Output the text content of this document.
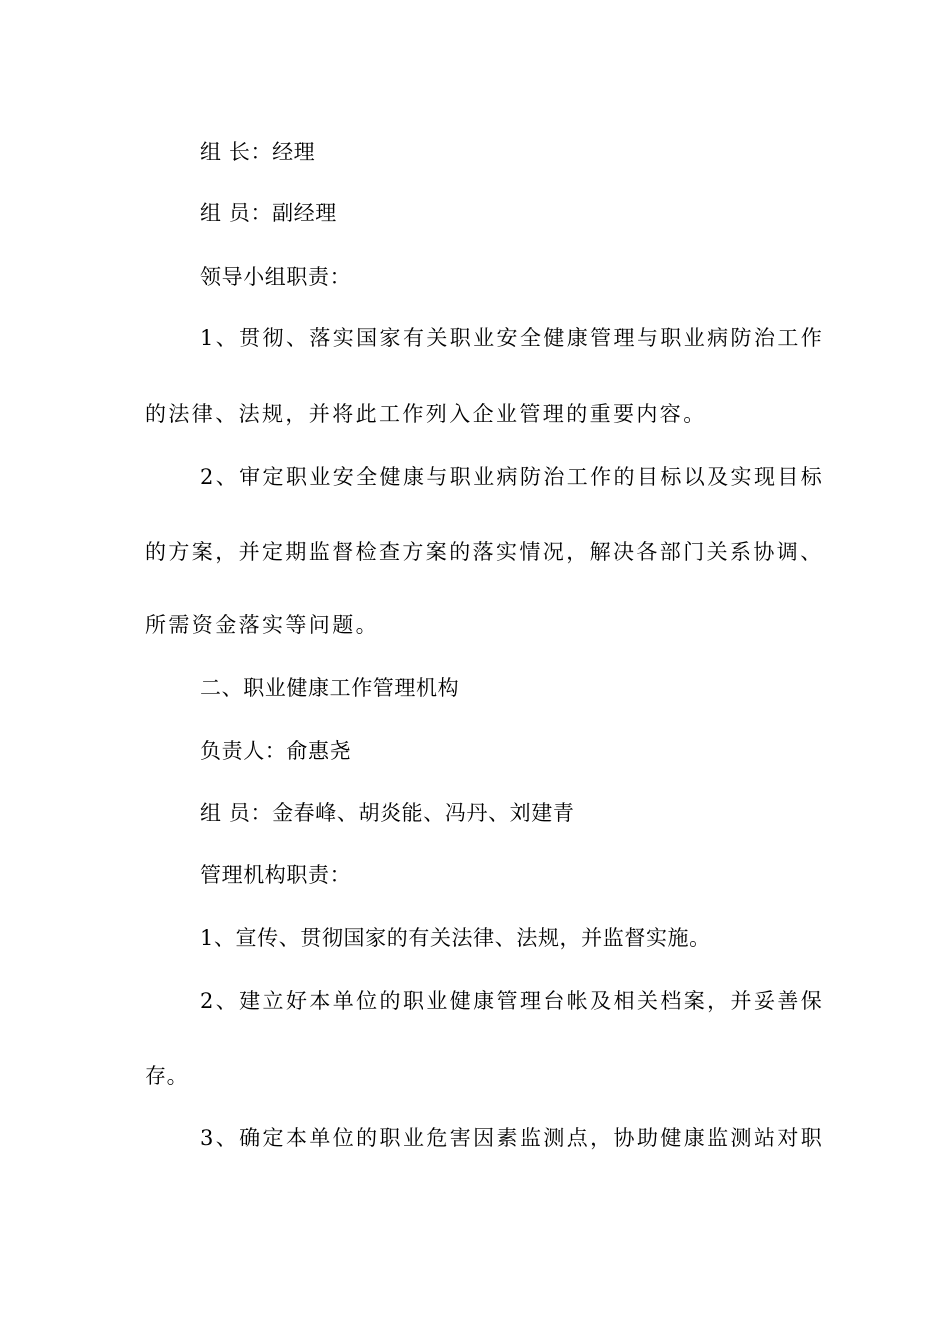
组 长：经理
组 员：副经理
领导小组职责：
1、贯彻、落实国家有关职业安全健康管理与职业病防治工作
的法律、法规，并将此工作列入企业管理的重要内容。
2、审定职业安全健康与职业病防治工作的目标以及实现目标
的方案，并定期监督检查方案的落实情况，解决各部门关系协调、
所需资金落实等问题。
二、职业健康工作管理机构
负责人：俞惠尧
组 员：金春峰、胡炎能、冯丹、刘建青
管理机构职责：
1、宣传、贯彻国家的有关法律、法规，并监督实施。
2、建立好本单位的职业健康管理台帐及相关档案，并妥善保
存。
3、确定本单位的职业危害因素监测点，协助健康监测站对职
